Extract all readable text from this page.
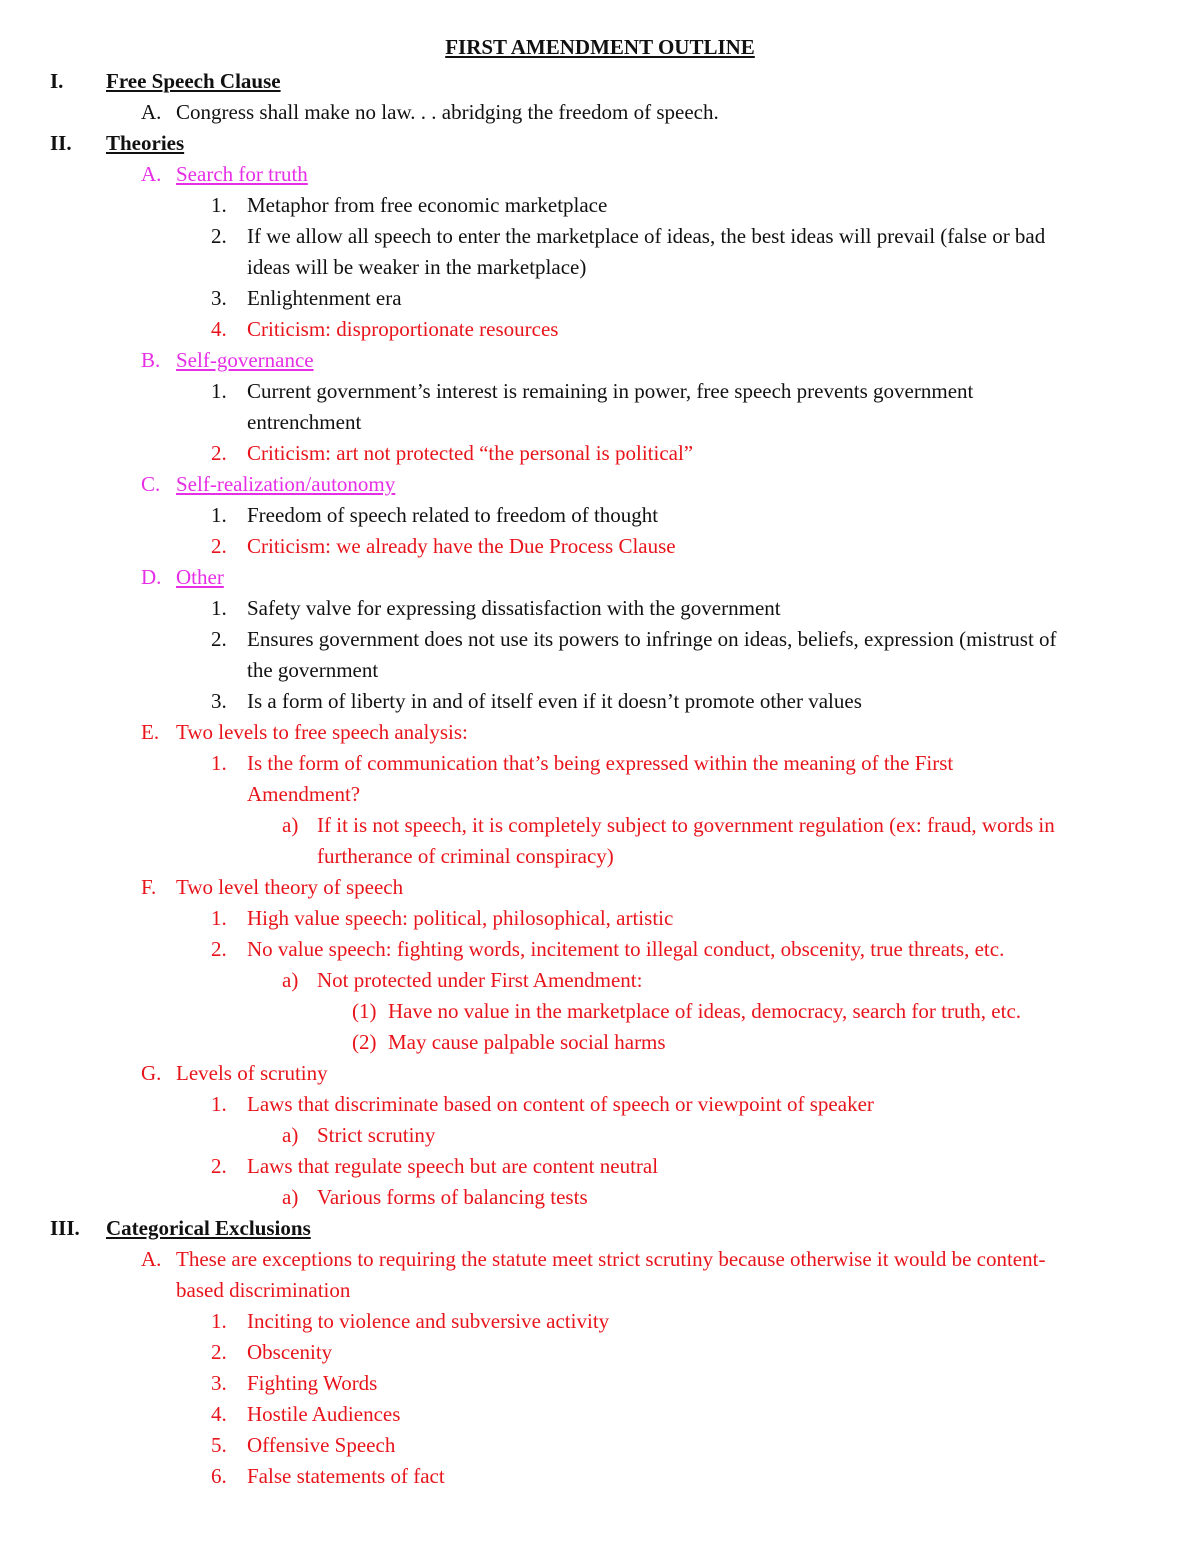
FIRST AMENDMENT OUTLINE
I. Free Speech Clause
A. Congress shall make no law. . . abridging the freedom of speech.
II. Theories
A. Search for truth
1. Metaphor from free economic marketplace
2. If we allow all speech to enter the marketplace of ideas, the best ideas will prevail (false or bad
ideas will be weaker in the marketplace)
3. Enlightenment era
4. Criticism: disproportionate resources
B. Self-governance
1. Current government’s interest is remaining in power, free speech prevents government
entrenchment
2. Criticism: art not protected “the personal is political”
C. Self-realization/autonomy
1. Freedom of speech related to freedom of thought
2. Criticism: we already have the Due Process Clause
D. Other
1. Safety valve for expressing dissatisfaction with the government
2. Ensures government does not use its powers to infringe on ideas, beliefs, expression (mistrust of
the government
3. Is a form of liberty in and of itself even if it doesn’t promote other values
E. Two levels to free speech analysis:
1. Is the form of communication that’s being expressed within the meaning of the First
Amendment?
a) If it is not speech, it is completely subject to government regulation (ex: fraud, words in
furtherance of criminal conspiracy)
F. Two level theory of speech
1. High value speech: political, philosophical, artistic
2. No value speech: fighting words, incitement to illegal conduct, obscenity, true threats, etc.
a) Not protected under First Amendment:
(1) Have no value in the marketplace of ideas, democracy, search for truth, etc.
(2) May cause palpable social harms
G. Levels of scrutiny
1. Laws that discriminate based on content of speech or viewpoint of speaker
a) Strict scrutiny
2. Laws that regulate speech but are content neutral
a) Various forms of balancing tests
III. Categorical Exclusions
A. These are exceptions to requiring the statute meet strict scrutiny because otherwise it would be content-
based discrimination
1. Inciting to violence and subversive activity
2. Obscenity
3. Fighting Words
4. Hostile Audiences
5. Offensive Speech
6. False statements of fact
